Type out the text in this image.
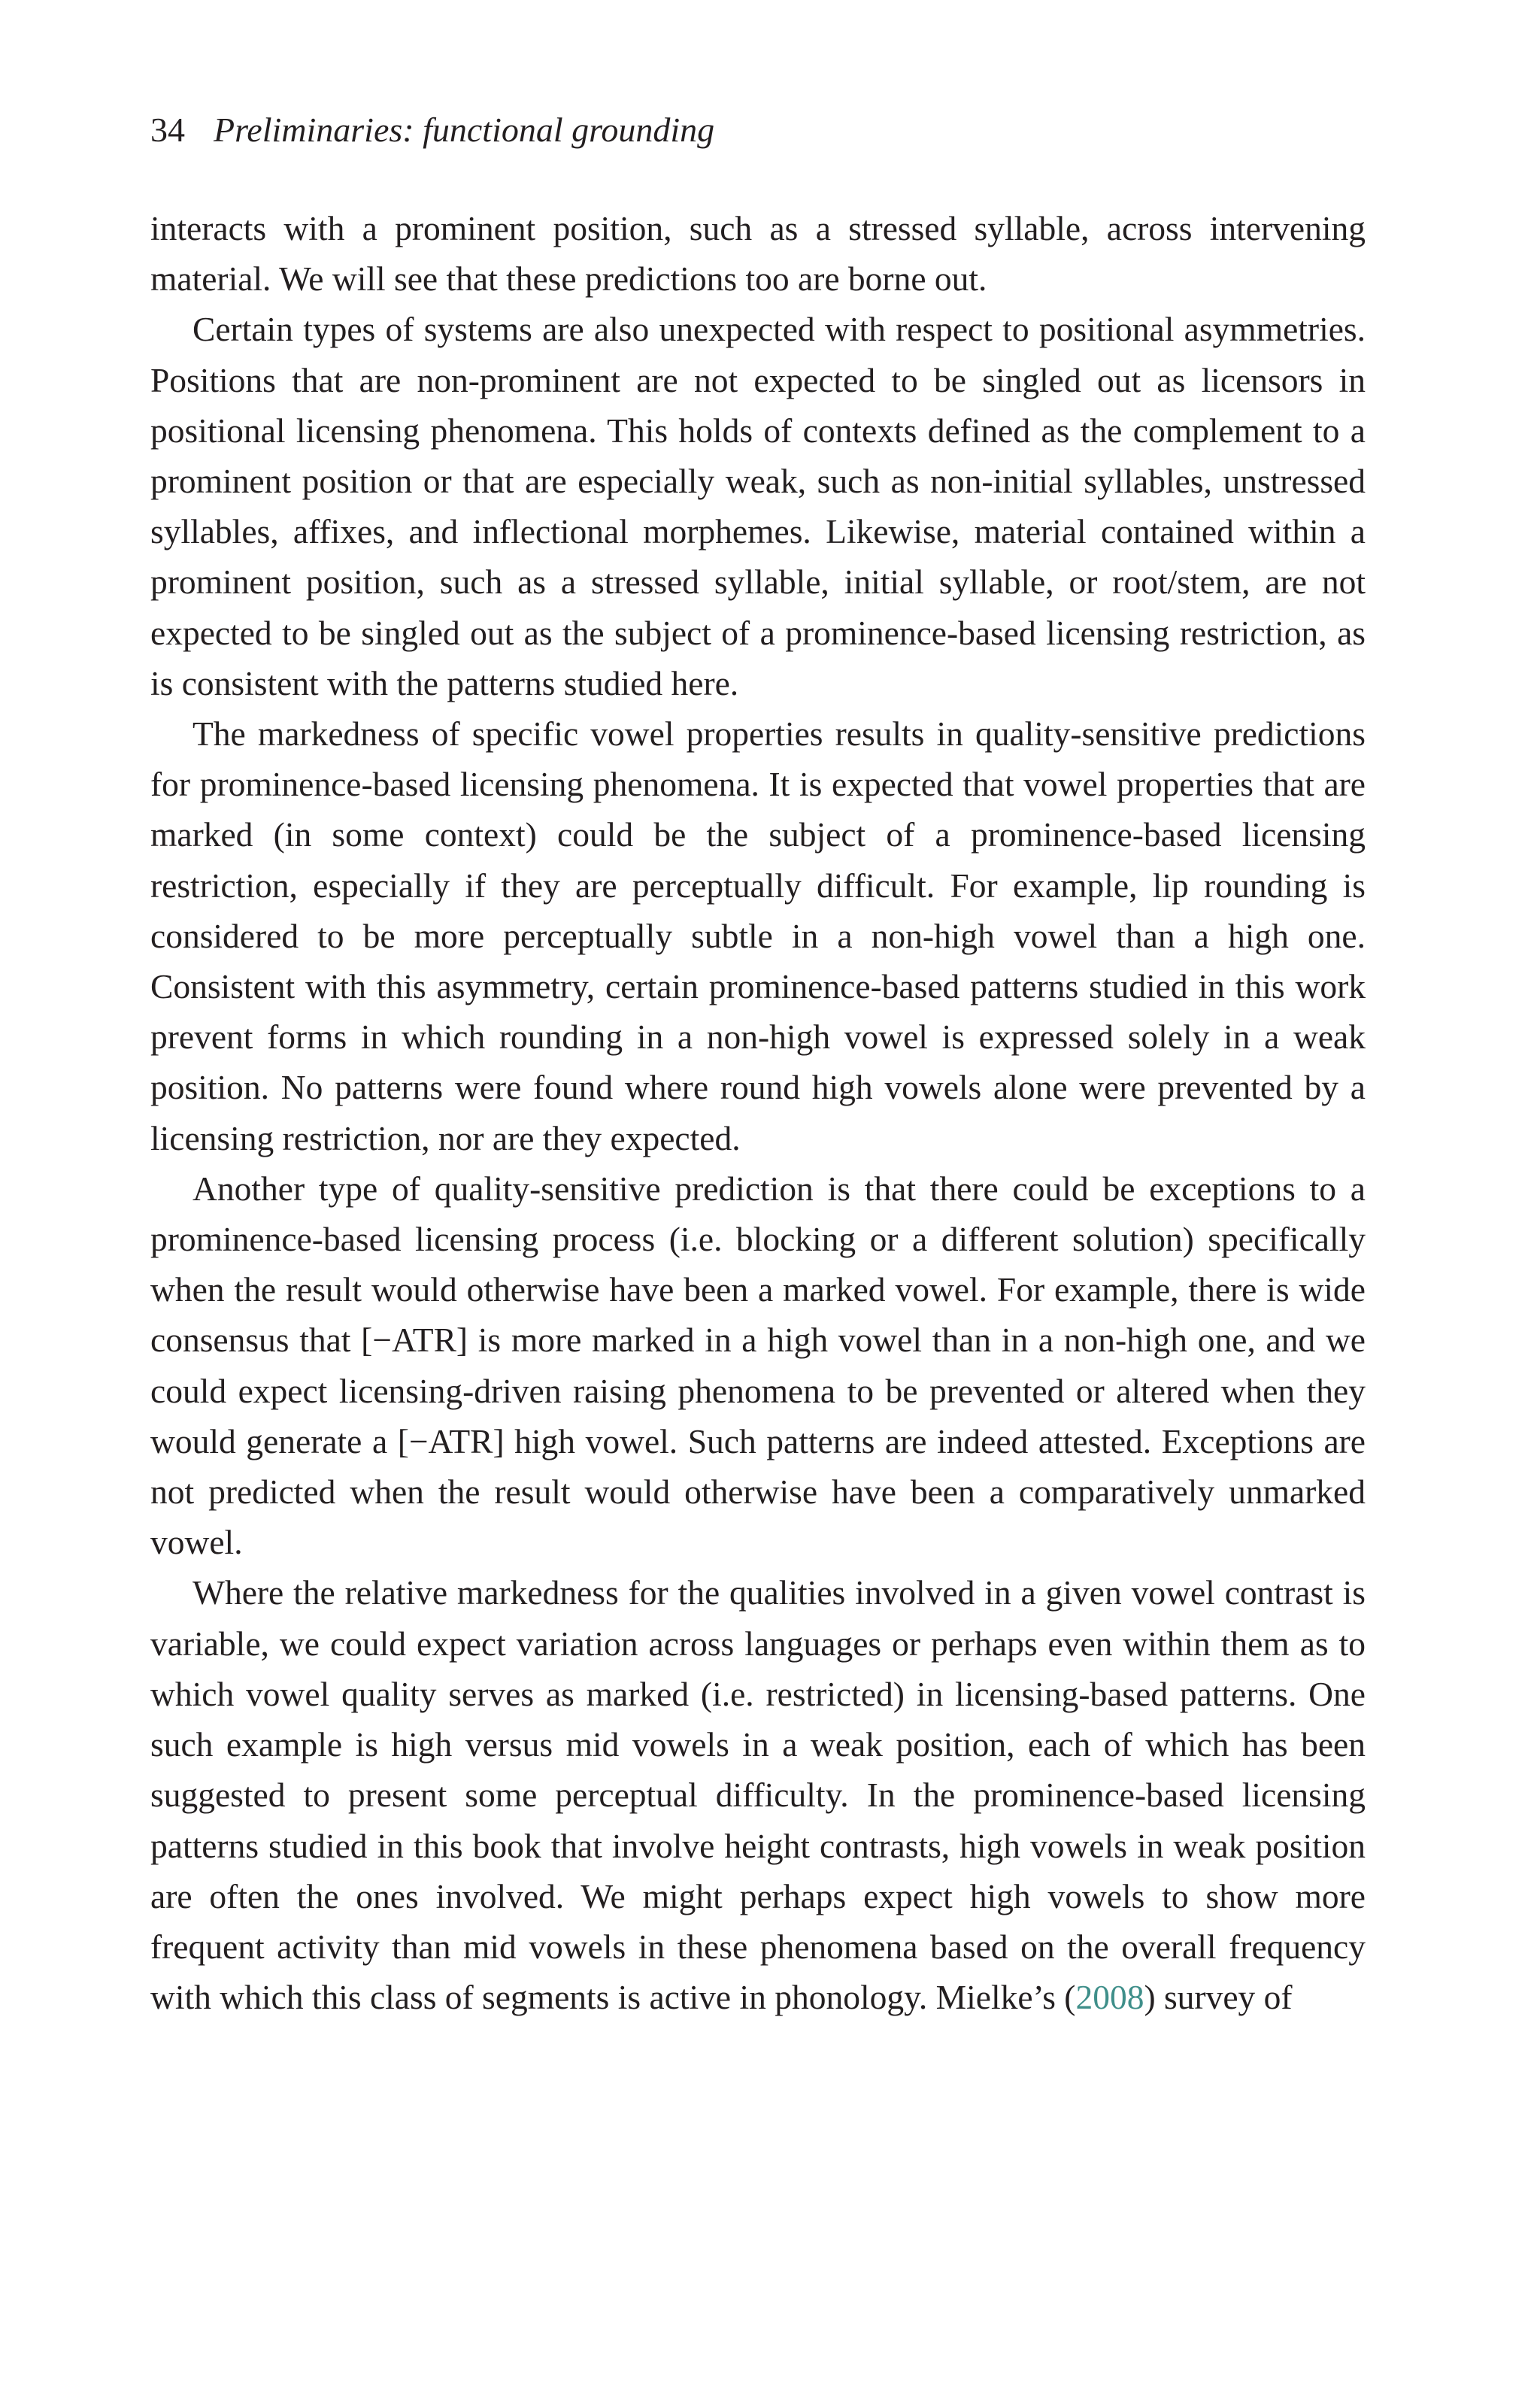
34 Preliminaries: functional grounding

interacts with a prominent position, such as a stressed syllable, across intervening material. We will see that these predictions too are borne out.

Certain types of systems are also unexpected with respect to positional asymmetries. Positions that are non-prominent are not expected to be singled out as licensors in positional licensing phenomena. This holds of contexts defined as the complement to a prominent position or that are especially weak, such as non-initial syllables, unstressed syllables, affixes, and inflectional morphemes. Likewise, material contained within a prominent position, such as a stressed syllable, initial syllable, or root/stem, are not expected to be singled out as the subject of a prominence-based licensing restriction, as is consistent with the patterns studied here.

The markedness of specific vowel properties results in quality-sensitive predictions for prominence-based licensing phenomena. It is expected that vowel properties that are marked (in some context) could be the subject of a prominence-based licensing restriction, especially if they are perceptually difficult. For example, lip rounding is considered to be more perceptually subtle in a non-high vowel than a high one. Consistent with this asymmetry, certain prominence-based patterns studied in this work prevent forms in which rounding in a non-high vowel is expressed solely in a weak position. No patterns were found where round high vowels alone were prevented by a licensing restriction, nor are they expected.

Another type of quality-sensitive prediction is that there could be exceptions to a prominence-based licensing process (i.e. blocking or a different solution) specifically when the result would otherwise have been a marked vowel. For example, there is wide consensus that [−ATR] is more marked in a high vowel than in a non-high one, and we could expect licensing-driven raising phenomena to be prevented or altered when they would generate a [−ATR] high vowel. Such patterns are indeed attested. Exceptions are not predicted when the result would otherwise have been a comparatively unmarked vowel.

Where the relative markedness for the qualities involved in a given vowel contrast is variable, we could expect variation across languages or perhaps even within them as to which vowel quality serves as marked (i.e. restricted) in licensing-based patterns. One such example is high versus mid vowels in a weak position, each of which has been suggested to present some perceptual difficulty. In the prominence-based licensing patterns studied in this book that involve height contrasts, high vowels in weak position are often the ones involved. We might perhaps expect high vowels to show more frequent activity than mid vowels in these phenomena based on the overall frequency with which this class of segments is active in phonology. Mielke’s (2008) survey of
